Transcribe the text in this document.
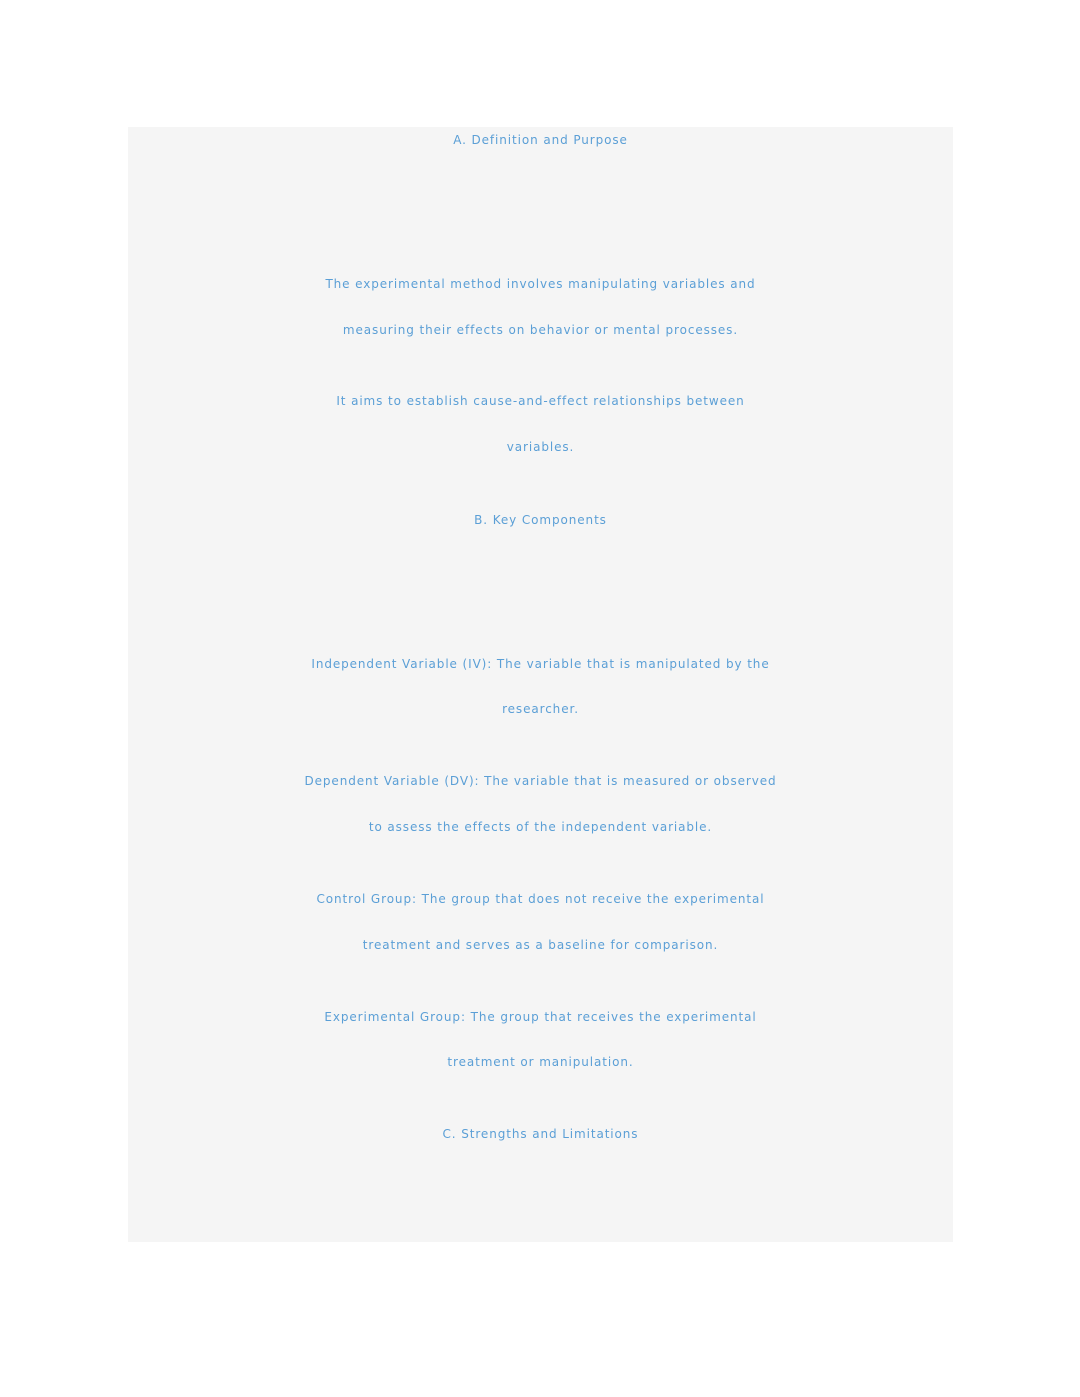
A. Definition and Purpose
The experimental method involves manipulating variables and
measuring their effects on behavior or mental processes.
It aims to establish cause-and-effect relationships between
variables.
B. Key Components
Independent Variable (IV): The variable that is manipulated by the
researcher.
Dependent Variable (DV): The variable that is measured or observed
to assess the effects of the independent variable.
Control Group: The group that does not receive the experimental
treatment and serves as a baseline for comparison.
Experimental Group: The group that receives the experimental
treatment or manipulation.
C. Strengths and Limitations
